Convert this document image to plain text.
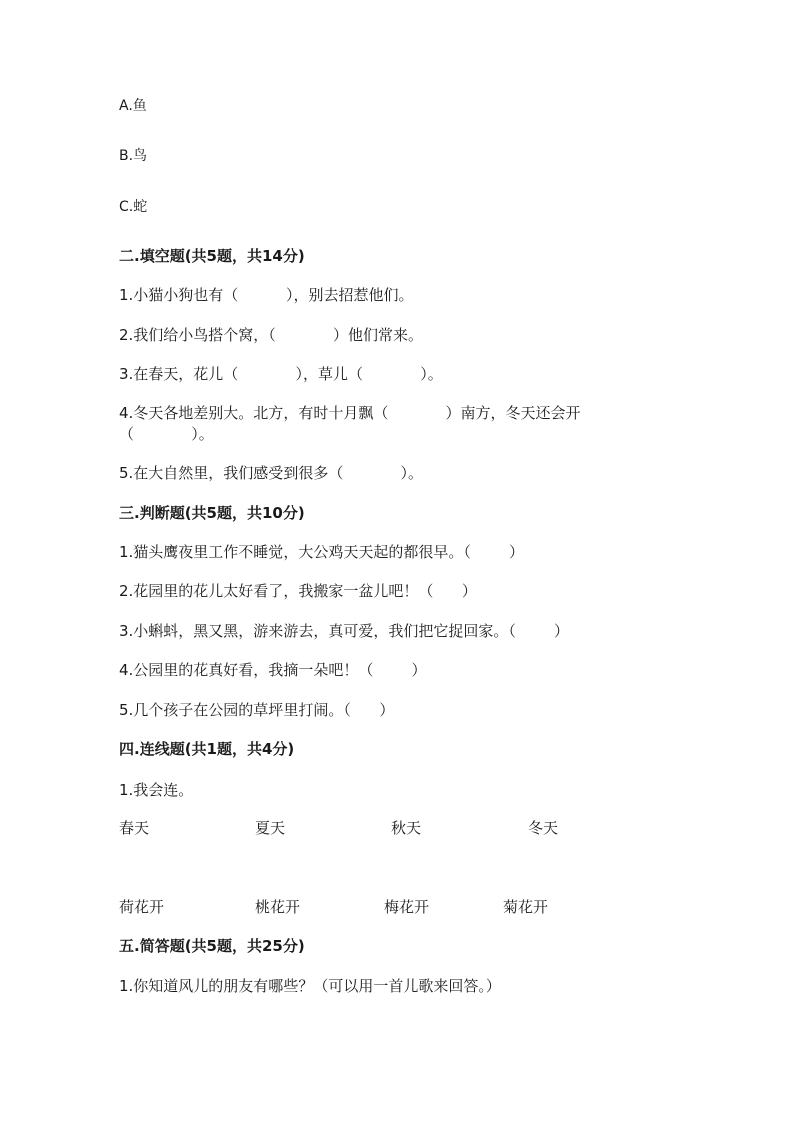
A.鱼
B.鸟
C.蛇
二.填空题(共5题，共14分)
1.小猫小狗也有（          ），别去招惹他们。
2.我们给小鸟搭个窝，（            ）他们常来。
3.在春天，花儿（            ），草儿（            ）。
4.冬天各地差别大。北方，有时十月飘（            ）南方，冬天还会开
（            ）。
5.在大自然里，我们感受到很多（            ）。
三.判断题(共5题，共10分)
1.猫头鹰夜里工作不睡觉，大公鸡天天起的都很早。（        ）
2.花园里的花儿太好看了，我搬家一盆儿吧！（      ）
3.小蝌蚪，黑又黑，游来游去，真可爱，我们把它捉回家。（        ）
4.公园里的花真好看，我摘一朵吧！（        ）
5.几个孩子在公园的草坪里打闹。（      ）
四.连线题(共1题，共4分)
1.我会连。
春天	夏天	秋天	冬天
荷花开	桃花开	梅花开	菊花开
五.简答题(共5题，共25分)
1.你知道风儿的朋友有哪些？（可以用一首儿歌来回答。）
